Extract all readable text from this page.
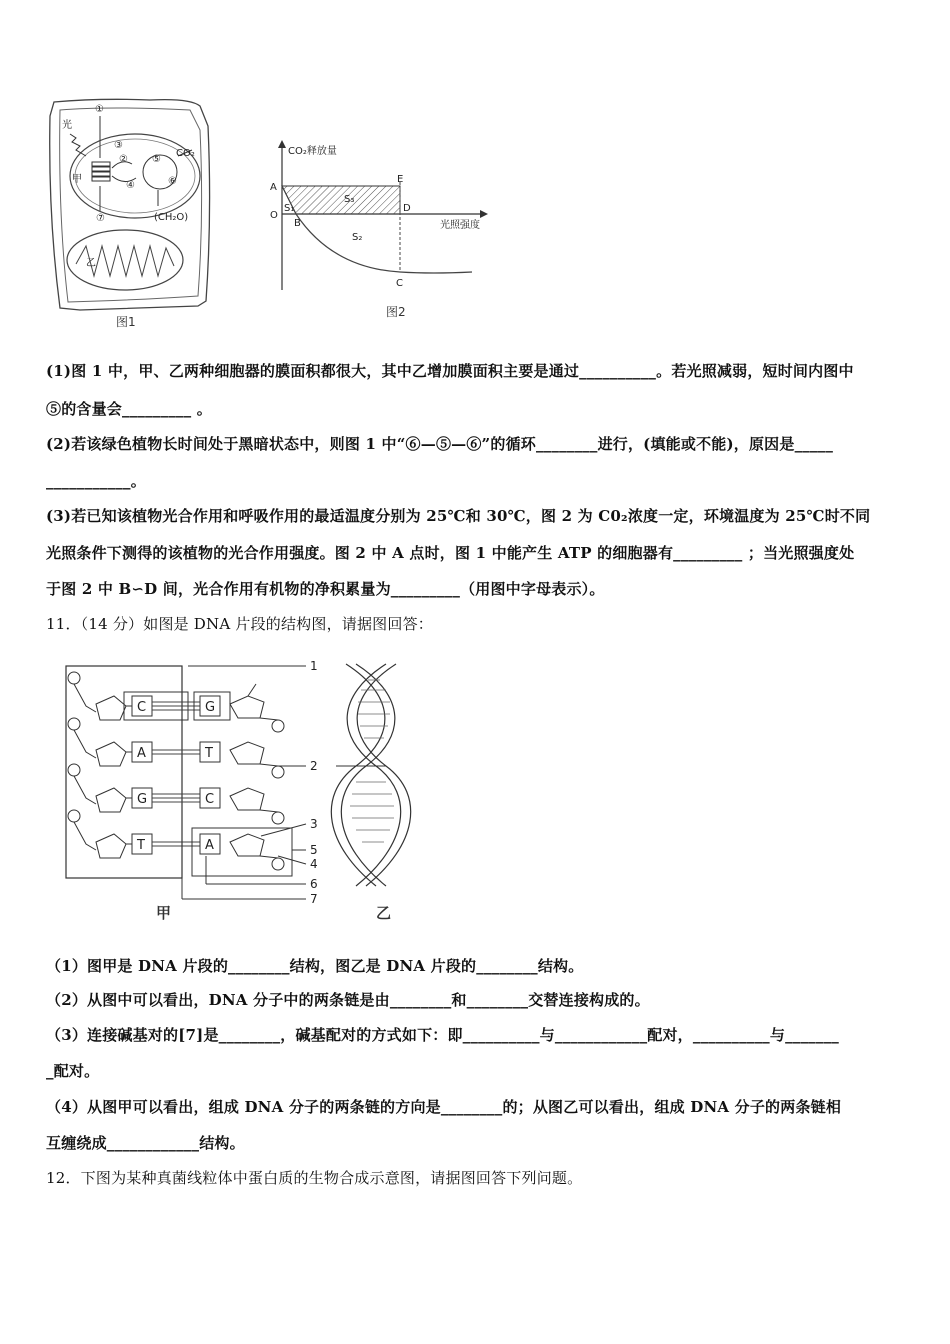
光
甲
乙
①
②
③
④
⑤
⑥
⑦
CO₂
(CH₂O)
图1
CO₂释放量
光照强度
A
E
O
S₁
B
D
S₃
S₂
C
图2
(1)图 1 中，甲、乙两种细胞器的膜面积都很大，其中乙增加膜面积主要是通过__________。若光照减弱，短时间内图中
⑤的含量会_________ 。
(2)若该绿色植物长时间处于黑暗状态中，则图 1 中“⑥—⑤—⑥”的循环________进行，(填能或不能)，原因是_____
___________。
(3)若已知该植物光合作用和呼吸作用的最适温度分别为 25℃和 30℃，图 2 为 C0₂浓度一定，环境温度为 25℃时不同
光照条件下测得的该植物的光合作用强度。图 2 中 A 点时，图 1 中能产生 ATP 的细胞器有_________ ；当光照强度处
于图 2 中 B∽D 间，光合作用有机物的净积累量为_________（用图中字母表示）。
11．（14 分）如图是 DNA 片段的结构图，请据图回答：
C
A
G
T
G
T
C
A
1
2
3
5
4
6
7
甲	乙
（1）图甲是 DNA 片段的________结构，图乙是 DNA 片段的________结构。
（2）从图中可以看出，DNA 分子中的两条链是由________和________交替连接构成的。
（3）连接碱基对的[7]是________，碱基配对的方式如下：即__________与____________配对，__________与_______
_配对。
（4）从图甲可以看出，组成 DNA 分子的两条链的方向是________的；从图乙可以看出，组成 DNA 分子的两条链相
互缠绕成____________结构。
12．下图为某种真菌线粒体中蛋白质的生物合成示意图，请据图回答下列问题。
